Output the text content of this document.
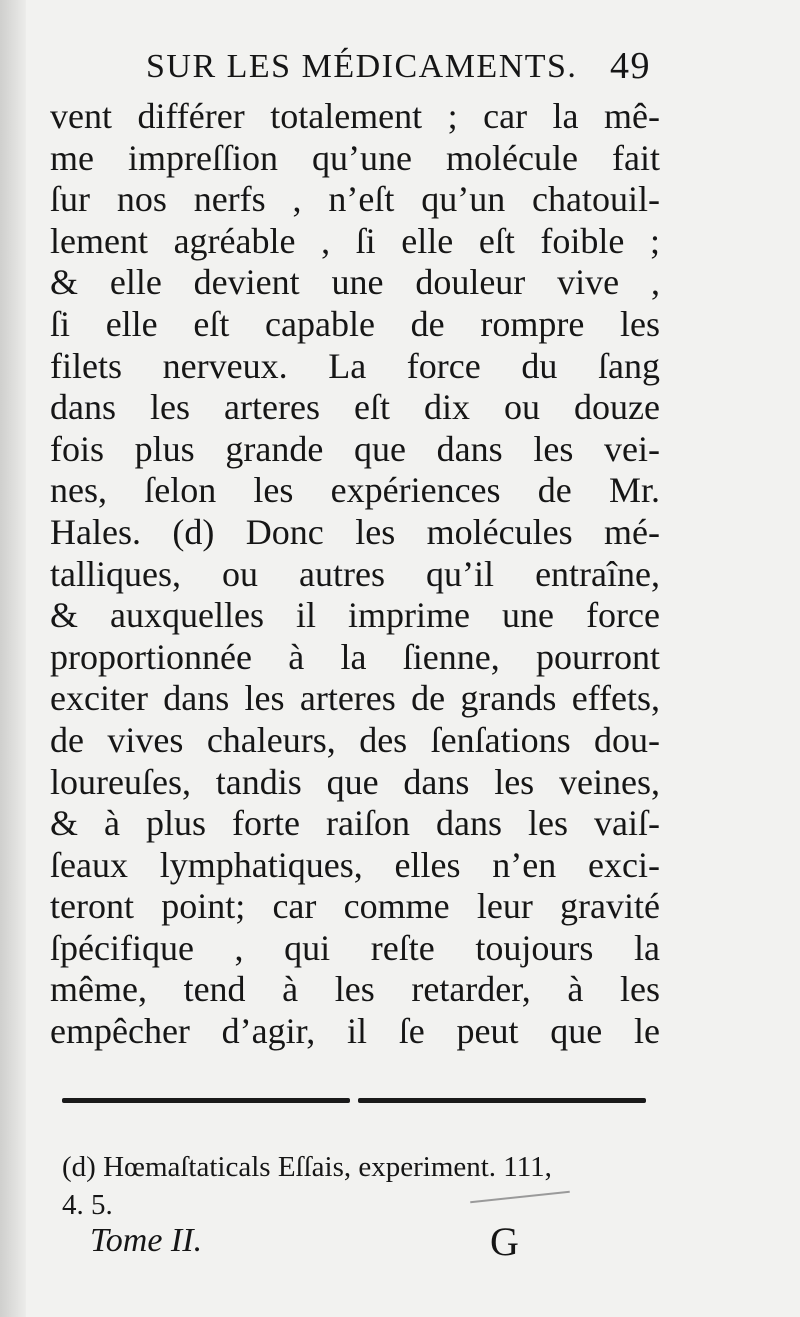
SUR LES MÉDICAMENTS. 49
vent différer totalement ; car la mê-
me impreſſion qu’une molécule fait
ſur nos nerfs , n’eſt qu’un chatouil-
lement agréable , ſi elle eſt foible ;
& elle devient une douleur vive ,
ſi elle eſt capable de rompre les
filets nerveux. La force du ſang
dans les arteres eſt dix ou douze
fois plus grande que dans les vei-
nes, ſelon les expériences de Mr.
Hales. (d) Donc les molécules mé-
talliques, ou autres qu’il entraîne,
& auxquelles il imprime une force
proportionnée à la ſienne, pourront
exciter dans les arteres de grands effets,
de vives chaleurs, des ſenſations dou-
loureuſes, tandis que dans les veines,
& à plus forte raiſon dans les vaiſ-
ſeaux lymphatiques, elles n’en exci-
teront point; car comme leur gravité
ſpécifique , qui reſte toujours la
même, tend à les retarder, à les
empêcher d’agir, il ſe peut que le
(d) Hœmaſtaticals Eſſais, experiment. 111,
4. 5.
Tome II.	G
